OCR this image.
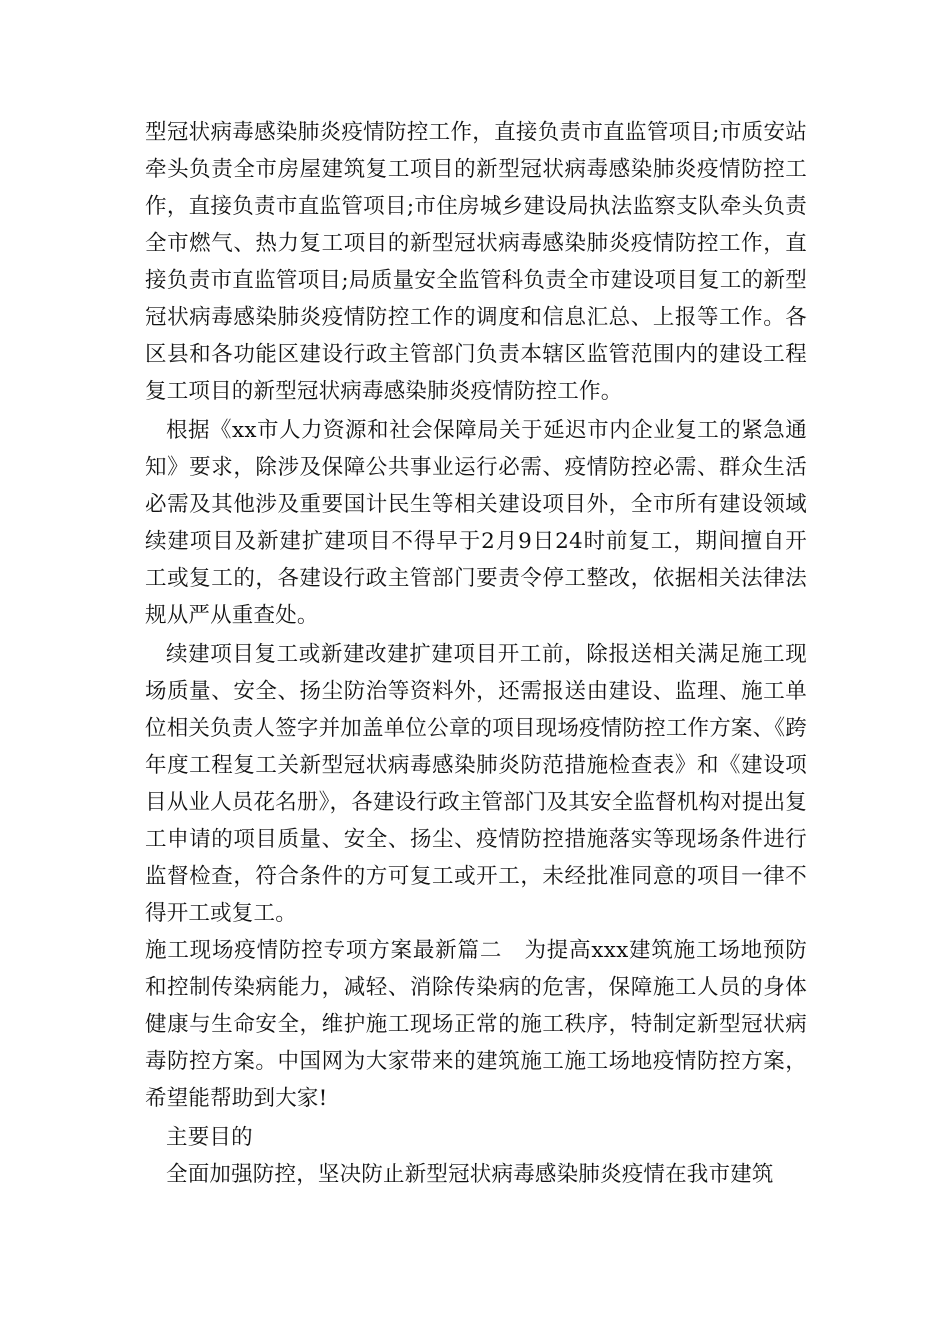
型冠状病毒感染肺炎疫情防控工作，直接负责市直监管项目;市质安站牵头负责全市房屋建筑复工项目的新型冠状病毒感染肺炎疫情防控工作，直接负责市直监管项目;市住房城乡建设局执法监察支队牵头负责全市燃气、热力复工项目的新型冠状病毒感染肺炎疫情防控工作，直接负责市直监管项目;局质量安全监管科负责全市建设项目复工的新型冠状病毒感染肺炎疫情防控工作的调度和信息汇总、上报等工作。各区县和各功能区建设行政主管部门负责本辖区监管范围内的建设工程复工项目的新型冠状病毒感染肺炎疫情防控工作。

根据《xx市人力资源和社会保障局关于延迟市内企业复工的紧急通知》要求，除涉及保障公共事业运行必需、疫情防控必需、群众生活必需及其他涉及重要国计民生等相关建设项目外，全市所有建设领域续建项目及新建扩建项目不得早于2月9日24时前复工，期间擅自开工或复工的，各建设行政主管部门要责令停工整改，依据相关法律法规从严从重查处。

续建项目复工或新建改建扩建项目开工前，除报送相关满足施工现场质量、安全、扬尘防治等资料外，还需报送由建设、监理、施工单位相关负责人签字并加盖单位公章的项目现场疫情防控工作方案、《跨年度工程复工关新型冠状病毒感染肺炎防范措施检查表》和《建设项目从业人员花名册》，各建设行政主管部门及其安全监督机构对提出复工申请的项目质量、安全、扬尘、疫情防控措施落实等现场条件进行监督检查，符合条件的方可复工或开工，未经批准同意的项目一律不得开工或复工。

施工现场疫情防控专项方案最新篇二　为提高xxx建筑施工场地预防和控制传染病能力，减轻、消除传染病的危害，保障施工人员的身体健康与生命安全，维护施工现场正常的施工秩序，特制定新型冠状病毒防控方案。中国网为大家带来的建筑施工施工场地疫情防控方案，希望能帮助到大家!

主要目的

全面加强防控，坚决防止新型冠状病毒感染肺炎疫情在我市建筑
